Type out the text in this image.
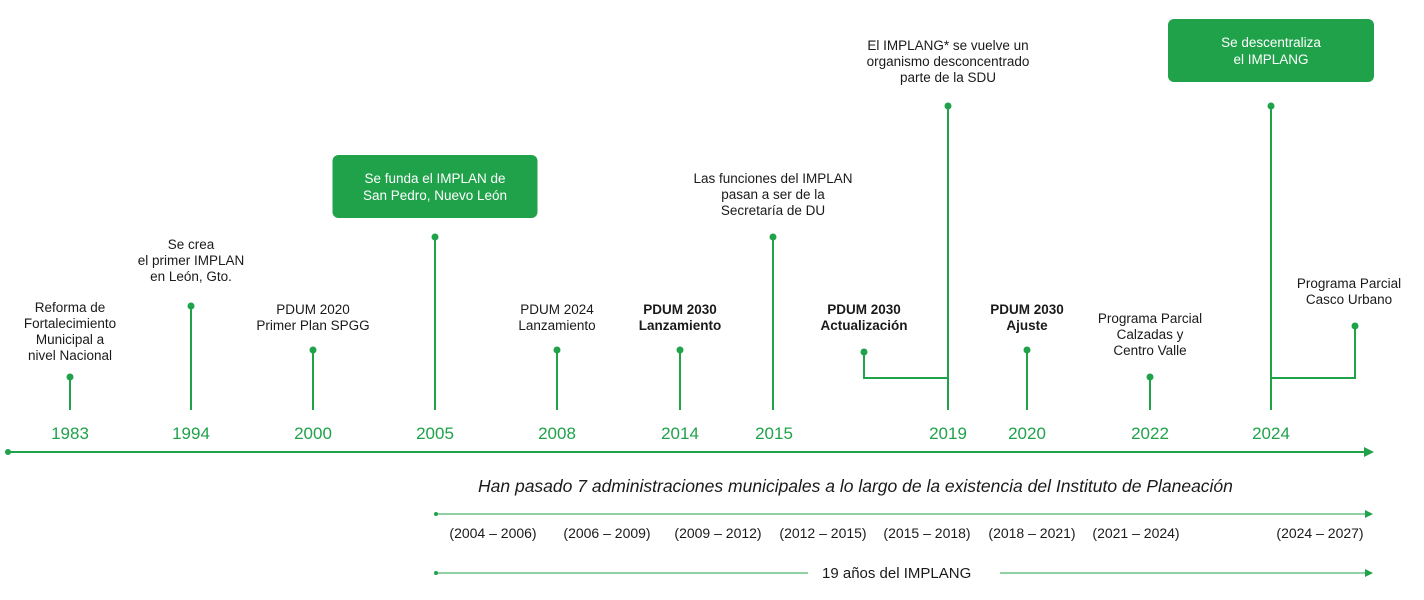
Reforma de
Fortalecimiento
Municipal a
nivel Nacional
Se crea
el primer IMPLAN
en León, Gto.
PDUM 2020
Primer Plan SPGG
Se funda el IMPLAN de
San Pedro, Nuevo León
PDUM 2024
Lanzamiento
PDUM 2030
Lanzamiento
Las funciones del IMPLAN
pasan a ser de la
Secretaría de DU
PDUM 2030
Actualización
El IMPLANG* se vuelve un
organismo desconcentrado
parte de la SDU
PDUM 2030
Ajuste	Programa Parcial
Calzadas y
Centro Valle
Se descentraliza
el IMPLANG
Programa Parcial
Casco Urbano
1983	1994	2000	2005	2008	2014	2015	2019 2020	2022	2024
Han pasado 7 administraciones municipales a lo largo de la existencia del Instituto de Planeación
(2004 – 2006) (2006 – 2009) (2009 – 2012) (2012 – 2015) (2015 – 2018) (2018 – 2021) (2021 – 2024)	(2024 – 2027)
19 años del IMPLANG
